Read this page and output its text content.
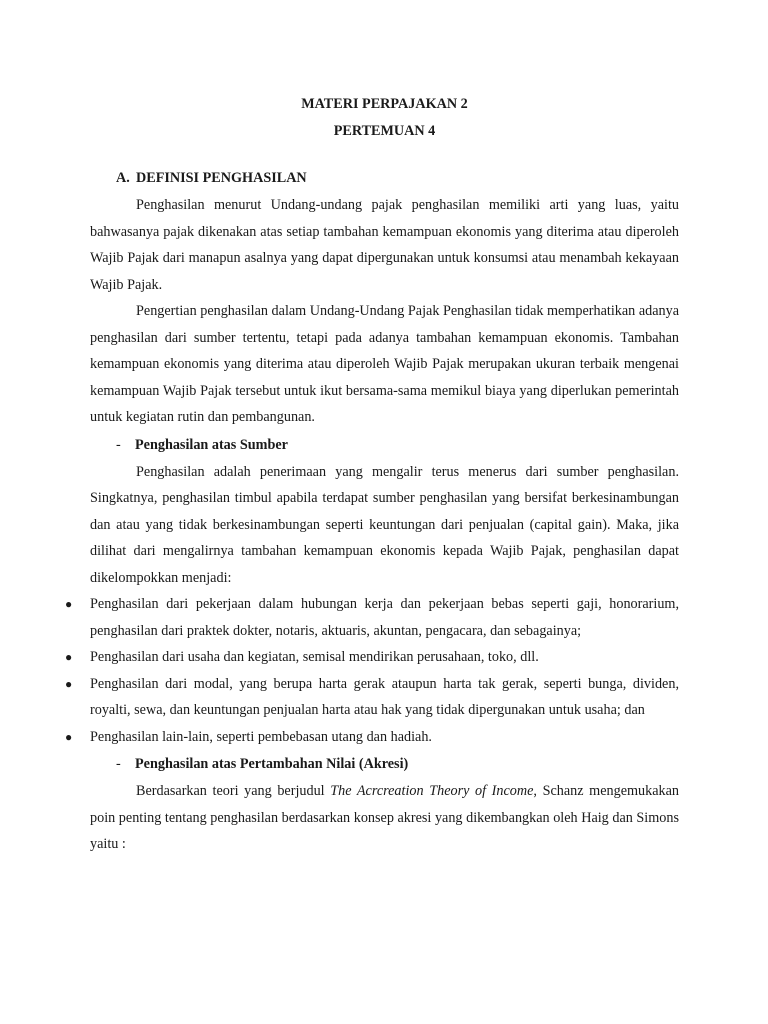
MATERI PERPAJAKAN 2
PERTEMUAN 4
A. DEFINISI PENGHASILAN

Penghasilan menurut Undang-undang pajak penghasilan memiliki arti yang luas, yaitu bahwasanya pajak dikenakan atas setiap tambahan kemampuan ekonomis yang diterima atau diperoleh Wajib Pajak dari manapun asalnya yang dapat dipergunakan untuk konsumsi atau menambah kekayaan Wajib Pajak.

Pengertian penghasilan dalam Undang-Undang Pajak Penghasilan tidak memperhatikan adanya penghasilan dari sumber tertentu, tetapi pada adanya tambahan kemampuan ekonomis. Tambahan kemampuan ekonomis yang diterima atau diperoleh Wajib Pajak merupakan ukuran terbaik mengenai kemampuan Wajib Pajak tersebut untuk ikut bersama-sama memikul biaya yang diperlukan pemerintah untuk kegiatan rutin dan pembangunan.

- Penghasilan atas Sumber

Penghasilan adalah penerimaan yang mengalir terus menerus dari sumber penghasilan. Singkatnya, penghasilan timbul apabila terdapat sumber penghasilan yang bersifat berkesinambungan dan atau yang tidak berkesinambungan seperti keuntungan dari penjualan (capital gain). Maka, jika dilihat dari mengalirnya tambahan kemampuan ekonomis kepada Wajib Pajak, penghasilan dapat dikelompokkan menjadi:

● Penghasilan dari pekerjaan dalam hubungan kerja dan pekerjaan bebas seperti gaji, honorarium, penghasilan dari praktek dokter, notaris, aktuaris, akuntan, pengacara, dan sebagainya;
● Penghasilan dari usaha dan kegiatan, semisal mendirikan perusahaan, toko, dll.
● Penghasilan dari modal, yang berupa harta gerak ataupun harta tak gerak, seperti bunga, dividen, royalti, sewa, dan keuntungan penjualan harta atau hak yang tidak dipergunakan untuk usaha; dan
● Penghasilan lain-lain, seperti pembebasan utang dan hadiah.
- Penghasilan atas Pertambahan Nilai (Akresi)

Berdasarkan teori yang berjudul The Acrcreation Theory of Income, Schanz mengemukakan poin penting tentang penghasilan berdasarkan konsep akresi yang dikembangkan oleh Haig dan Simons yaitu :
